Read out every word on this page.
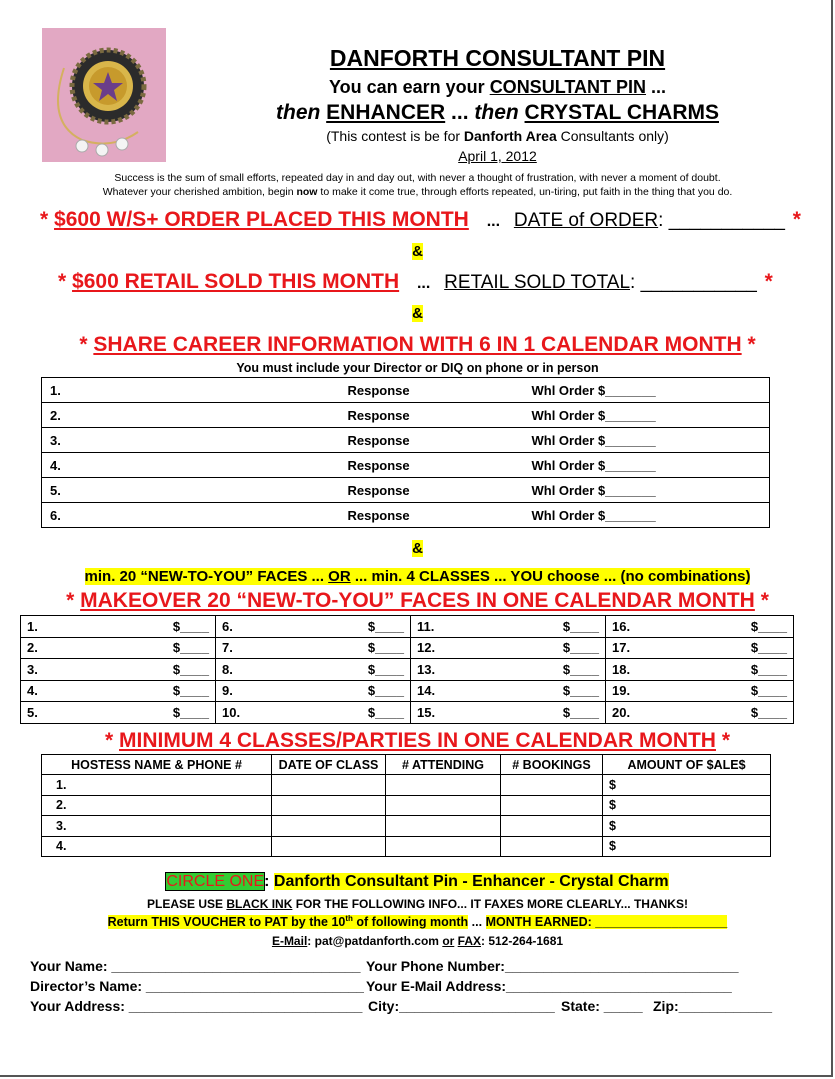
DANFORTH CONSULTANT PIN
You can earn your CONSULTANT PIN ...
then ENHANCER ... then CRYSTAL CHARMS
(This contest is be for Danforth Area Consultants only)
April 1, 2012
Success is the sum of small efforts, repeated day in and day out, with never a thought of frustration, with never a moment of doubt.
Whatever your cherished ambition, begin now to make it come true, through efforts repeated, un-tiring, put faith in the thing that you do.
* $600 W/S+ ORDER PLACED THIS MONTH ... DATE of ORDER: ___________ *
&
* $600 RETAIL SOLD THIS MONTH ... RETAIL SOLD TOTAL: ___________ *
&
* SHARE CAREER INFORMATION WITH 6 IN 1 CALENDAR MONTH *
You must include your Director or DIQ on phone or in person
1.	Response	Whl Order $_______
2.	Response	Whl Order $_______
3.	Response	Whl Order $_______
4.	Response	Whl Order $_______
5.	Response	Whl Order $_______
6.	Response	Whl Order $_______
&
min. 20 “NEW-TO-YOU” FACES ... OR ... min. 4 CLASSES ... YOU choose ... (no combinations)
* MAKEOVER 20 “NEW-TO-YOU” FACES IN ONE CALENDAR MONTH *
1.	$____	6.	$____	11.	$____	16.	$____
2.	$____	7.	$____	12.	$____	17.	$____
3.	$____	8.	$____	13.	$____	18.	$____
4.	$____	9.	$____	14.	$____	19.	$____
5.	$____	10.	$____	15.	$____	20.	$____
* MINIMUM 4 CLASSES/PARTIES IN ONE CALENDAR MONTH *
HOSTESS NAME & PHONE #	DATE OF CLASS	# ATTENDING	# BOOKINGS	AMOUNT OF $ALE$
1.				$
2.				$
3.				$
4.				$
CIRCLE ONE: Danforth Consultant Pin - Enhancer - Crystal Charm
PLEASE USE BLACK INK FOR THE FOLLOWING INFO... IT FAXES MORE CLEARLY... THANKS!
Return THIS VOUCHER to PAT by the 10th of following month ... MONTH EARNED: ___________________
E-Mail: pat@patdanforth.com or FAX: 512-264-1681
Your Name: ________________________________ Your Phone Number:______________________________
Director’s Name: ____________________________ Your E-Mail Address:_____________________________
Your Address: ______________________________ City:____________________ State: _____ Zip:____________
